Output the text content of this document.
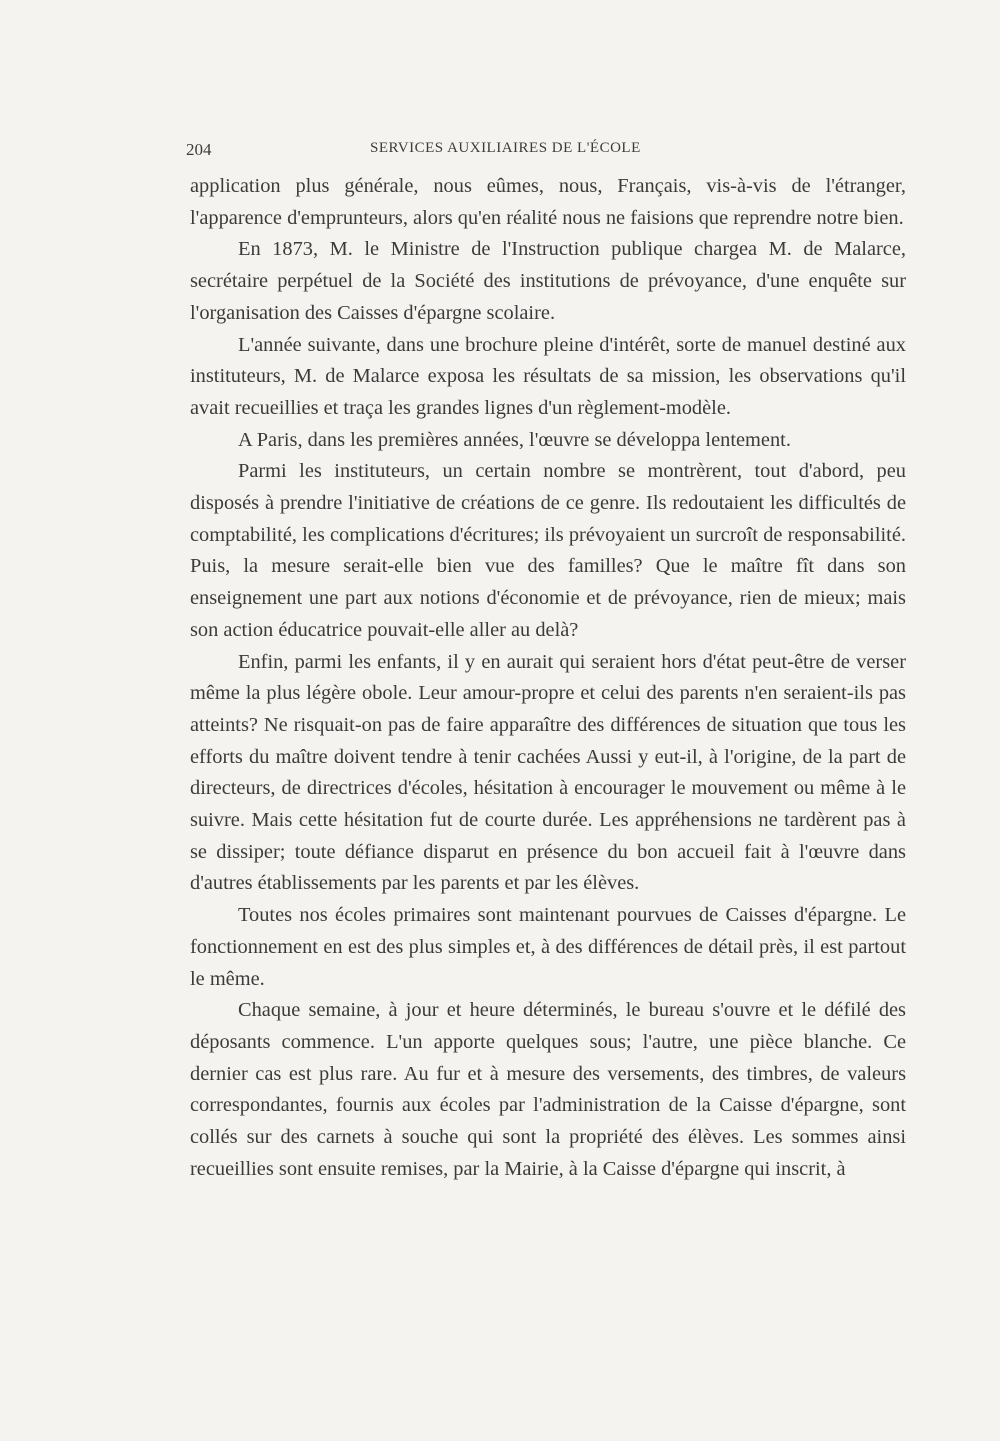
204	SERVICES AUXILIAIRES DE L'ÉCOLE

application plus générale, nous eûmes, nous, Français, vis-à-vis de l'étranger, l'apparence d'emprunteurs, alors qu'en réalité nous ne faisions que reprendre notre bien.

En 1873, M. le Ministre de l'Instruction publique chargea M. de Malarce, secrétaire perpétuel de la Société des institutions de prévoyance, d'une enquête sur l'organisation des Caisses d'épargne scolaire.

L'année suivante, dans une brochure pleine d'intérêt, sorte de manuel destiné aux instituteurs, M. de Malarce exposa les résultats de sa mission, les observations qu'il avait recueillies et traça les grandes lignes d'un règlement-modèle.

A Paris, dans les premières années, l'œuvre se développa lentement.

Parmi les instituteurs, un certain nombre se montrèrent, tout d'abord, peu disposés à prendre l'initiative de créations de ce genre. Ils redoutaient les difficultés de comptabilité, les complications d'écritures; ils prévoyaient un surcroît de responsabilité. Puis, la mesure serait-elle bien vue des familles? Que le maître fît dans son enseignement une part aux notions d'économie et de prévoyance, rien de mieux; mais son action éducatrice pouvait-elle aller au delà?

Enfin, parmi les enfants, il y en aurait qui seraient hors d'état peut-être de verser même la plus légère obole. Leur amour-propre et celui des parents n'en seraient-ils pas atteints? Ne risquait-on pas de faire apparaître des différences de situation que tous les efforts du maître doivent tendre à tenir cachées Aussi y eut-il, à l'origine, de la part de directeurs, de directrices d'écoles, hésitation à encourager le mouvement ou même à le suivre. Mais cette hésitation fut de courte durée. Les appréhensions ne tardèrent pas à se dissiper; toute défiance disparut en présence du bon accueil fait à l'œuvre dans d'autres établissements par les parents et par les élèves.

Toutes nos écoles primaires sont maintenant pourvues de Caisses d'épargne. Le fonctionnement en est des plus simples et, à des différences de détail près, il est partout le même.

Chaque semaine, à jour et heure déterminés, le bureau s'ouvre et le défilé des déposants commence. L'un apporte quelques sous; l'autre, une pièce blanche. Ce dernier cas est plus rare. Au fur et à mesure des versements, des timbres, de valeurs correspondantes, fournis aux écoles par l'administration de la Caisse d'épargne, sont collés sur des carnets à souche qui sont la propriété des élèves. Les sommes ainsi recueillies sont ensuite remises, par la Mairie, à la Caisse d'épargne qui inscrit, à
